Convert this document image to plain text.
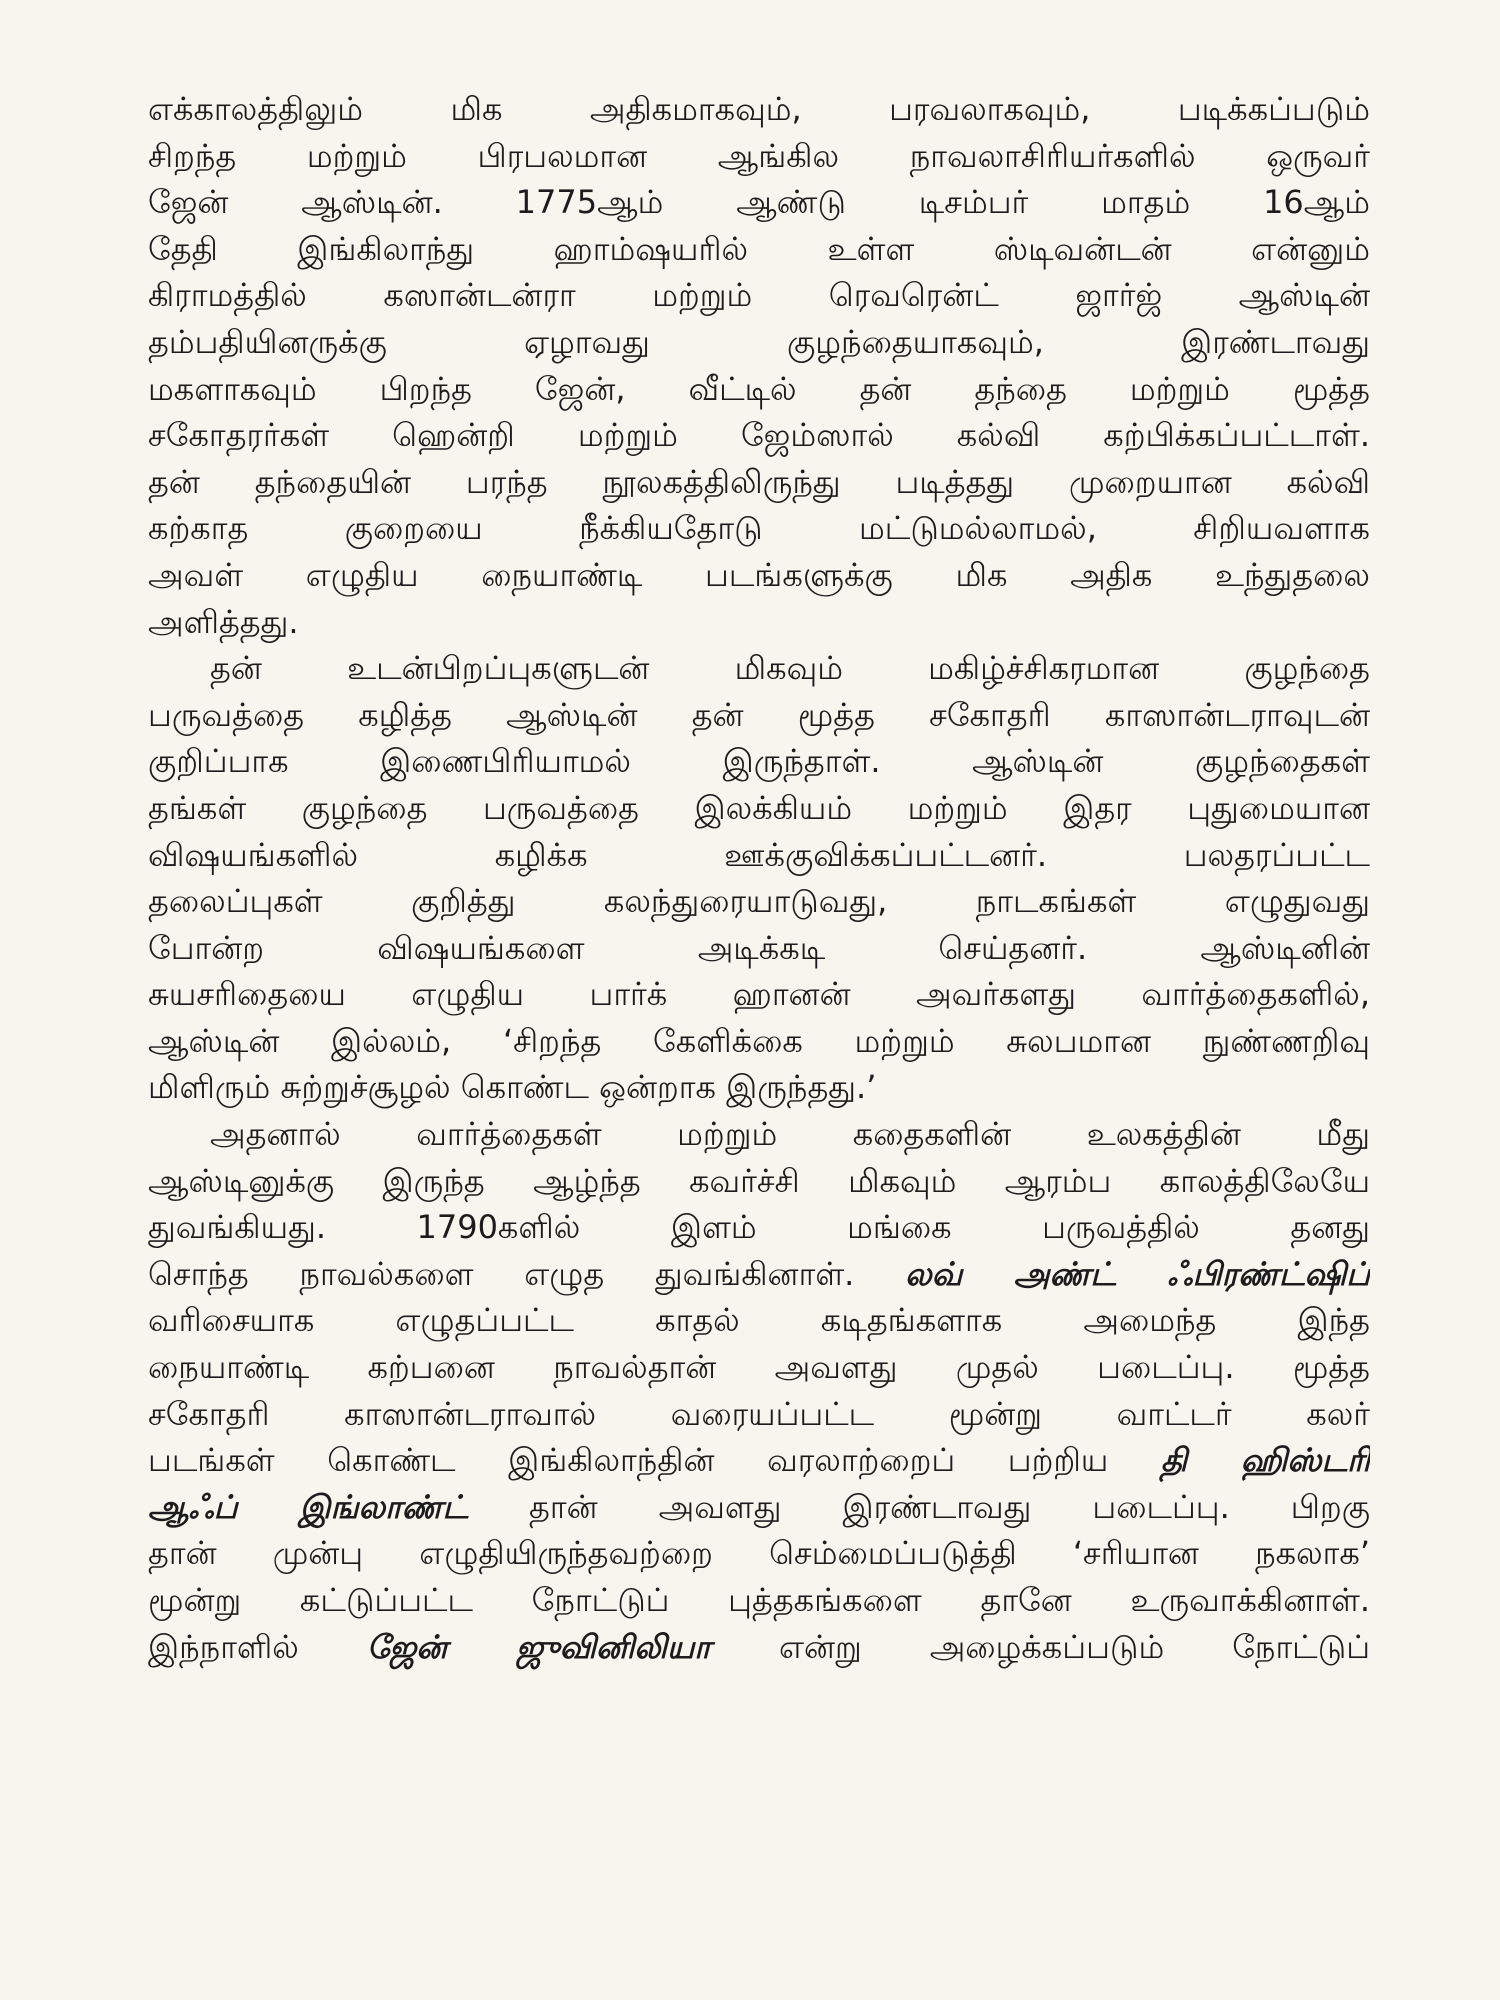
எக்காலத்திலும் மிக அதிகமாகவும், பரவலாகவும், படிக்கப்படும்
சிறந்த மற்றும் பிரபலமான ஆங்கில நாவலாசிரியர்களில் ஒருவர்
ஜேன் ஆஸ்டின். 1775ஆம் ஆண்டு டிசம்பர் மாதம் 16ஆம்
தேதி இங்கிலாந்து ஹாம்ஷயரில் உள்ள ஸ்டிவன்டன் என்னும்
கிராமத்தில் கஸான்டன்ரா மற்றும் ரெவரென்ட் ஜார்ஜ் ஆஸ்டின்
தம்பதியினருக்கு ஏழாவது குழந்தையாகவும், இரண்டாவது
மகளாகவும் பிறந்த ஜேன், வீட்டில் தன் தந்தை மற்றும் மூத்த
சகோதரர்கள் ஹென்றி மற்றும் ஜேம்ஸால் கல்வி கற்பிக்கப்பட்டாள்.
தன் தந்தையின் பரந்த நூலகத்திலிருந்து படித்தது முறையான கல்வி
கற்காத குறையை நீக்கியதோடு மட்டுமல்லாமல், சிறியவளாக
அவள் எழுதிய நையாண்டி படங்களுக்கு மிக அதிக உந்துதலை
அளித்தது.
தன் உடன்பிறப்புகளுடன் மிகவும் மகிழ்ச்சிகரமான குழந்தை
பருவத்தை கழித்த ஆஸ்டின் தன் மூத்த சகோதரி காஸான்டராவுடன்
குறிப்பாக இணைபிரியாமல் இருந்தாள். ஆஸ்டின் குழந்தைகள்
தங்கள் குழந்தை பருவத்தை இலக்கியம் மற்றும் இதர புதுமையான
விஷயங்களில் கழிக்க ஊக்குவிக்கப்பட்டனர். பலதரப்பட்ட
தலைப்புகள் குறித்து கலந்துரையாடுவது, நாடகங்கள் எழுதுவது
போன்ற விஷயங்களை அடிக்கடி செய்தனர். ஆஸ்டினின்
சுயசரிதையை எழுதிய பார்க் ஹானன் அவர்களது வார்த்தைகளில்,
ஆஸ்டின் இல்லம், ‘சிறந்த கேளிக்கை மற்றும் சுலபமான நுண்ணறிவு
மிளிரும் சுற்றுச்சூழல் கொண்ட ஒன்றாக இருந்தது.’
அதனால் வார்த்தைகள் மற்றும் கதைகளின் உலகத்தின் மீது
ஆஸ்டினுக்கு இருந்த ஆழ்ந்த கவர்ச்சி மிகவும் ஆரம்ப காலத்திலேயே
துவங்கியது. 1790களில் இளம் மங்கை பருவத்தில் தனது
சொந்த நாவல்களை எழுத துவங்கினாள். லவ் அண்ட் ஃபிரண்ட்ஷிப்
வரிசையாக எழுதப்பட்ட காதல் கடிதங்களாக அமைந்த இந்த
நையாண்டி கற்பனை நாவல்தான் அவளது முதல் படைப்பு. மூத்த
சகோதரி காஸான்டராவால் வரையப்பட்ட மூன்று வாட்டர் கலர்
படங்கள் கொண்ட இங்கிலாந்தின் வரலாற்றைப் பற்றிய தி ஹிஸ்டரி
ஆஃப் இங்லாண்ட் தான் அவளது இரண்டாவது படைப்பு. பிறகு
தான் முன்பு எழுதியிருந்தவற்றை செம்மைப்படுத்தி ‘சரியான நகலாக’
மூன்று கட்டுப்பட்ட நோட்டுப் புத்தகங்களை தானே உருவாக்கினாள்.
இந்நாளில் ஜேன் ஜுவினிலியா என்று அழைக்கப்படும் நோட்டுப்
